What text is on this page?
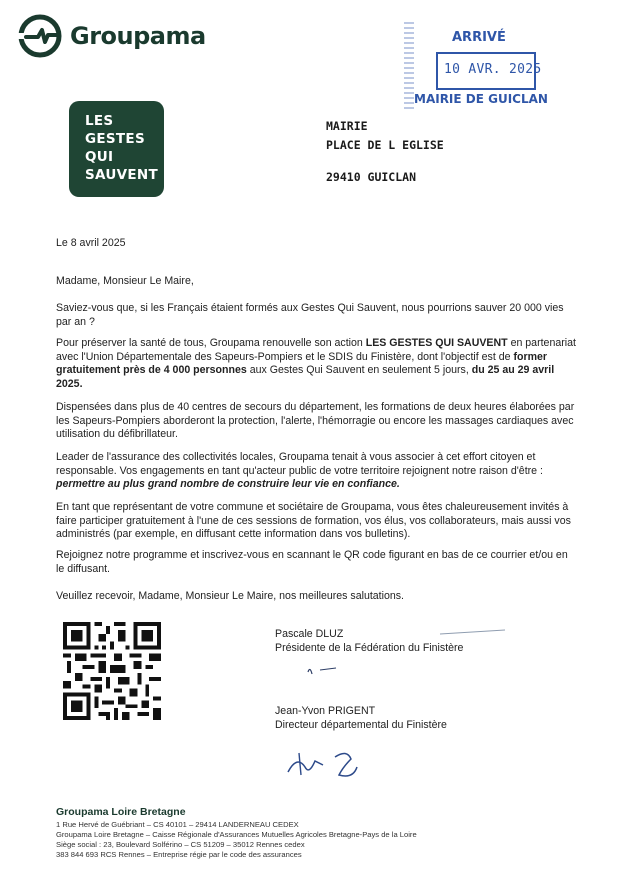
Groupama	ARRIVÉ
10 AVR. 2025
MAIRIE DE GUICLAN
LES
GESTES
QUI
SAUVENT
MAIRIE
PLACE DE L EGLISE
29410 GUICLAN
Le 8 avril 2025
Madame, Monsieur Le Maire,
Saviez-vous que, si les Français étaient formés aux Gestes Qui Sauvent, nous pourrions sauver 20 000 vies par an ?
Pour préserver la santé de tous, Groupama renouvelle son action LES GESTES QUI SAUVENT en partenariat avec l'Union Départementale des Sapeurs-Pompiers et le SDIS du Finistère, dont l'objectif est de former gratuitement près de 4 000 personnes aux Gestes Qui Sauvent en seulement 5 jours, du 25 au 29 avril 2025.
Dispensées dans plus de 40 centres de secours du département, les formations de deux heures élaborées par les Sapeurs-Pompiers aborderont la protection, l'alerte, l'hémorragie ou encore les massages cardiaques avec utilisation du défibrillateur.
Leader de l'assurance des collectivités locales, Groupama tenait à vous associer à cet effort citoyen et responsable. Vos engagements en tant qu'acteur public de votre territoire rejoignent notre raison d'être : permettre au plus grand nombre de construire leur vie en confiance.
En tant que représentant de votre commune et sociétaire de Groupama, vous êtes chaleureusement invités à faire participer gratuitement à l'une de ces sessions de formation, vos élus, vos collaborateurs, mais aussi vos administrés (par exemple, en diffusant cette information dans vos bulletins).
Rejoignez notre programme et inscrivez-vous en scannant le QR code figurant en bas de ce courrier et/ou en le diffusant.
Veuillez recevoir, Madame, Monsieur Le Maire, nos meilleures salutations.
Pascale DLUZ
Présidente de la Fédération du Finistère
Jean-Yvon PRIGENT
Directeur départemental du Finistère
Groupama Loire Bretagne
1 Rue Hervé de Guébriant – CS 40101 – 29414 LANDERNEAU CEDEX
Groupama Loire Bretagne – Caisse Régionale d'Assurances Mutuelles Agricoles Bretagne-Pays de la Loire
Siège social : 23, Boulevard Solférino – CS 51209 – 35012 Rennes cedex
383 844 693 RCS Rennes – Entreprise régie par le code des assurances
